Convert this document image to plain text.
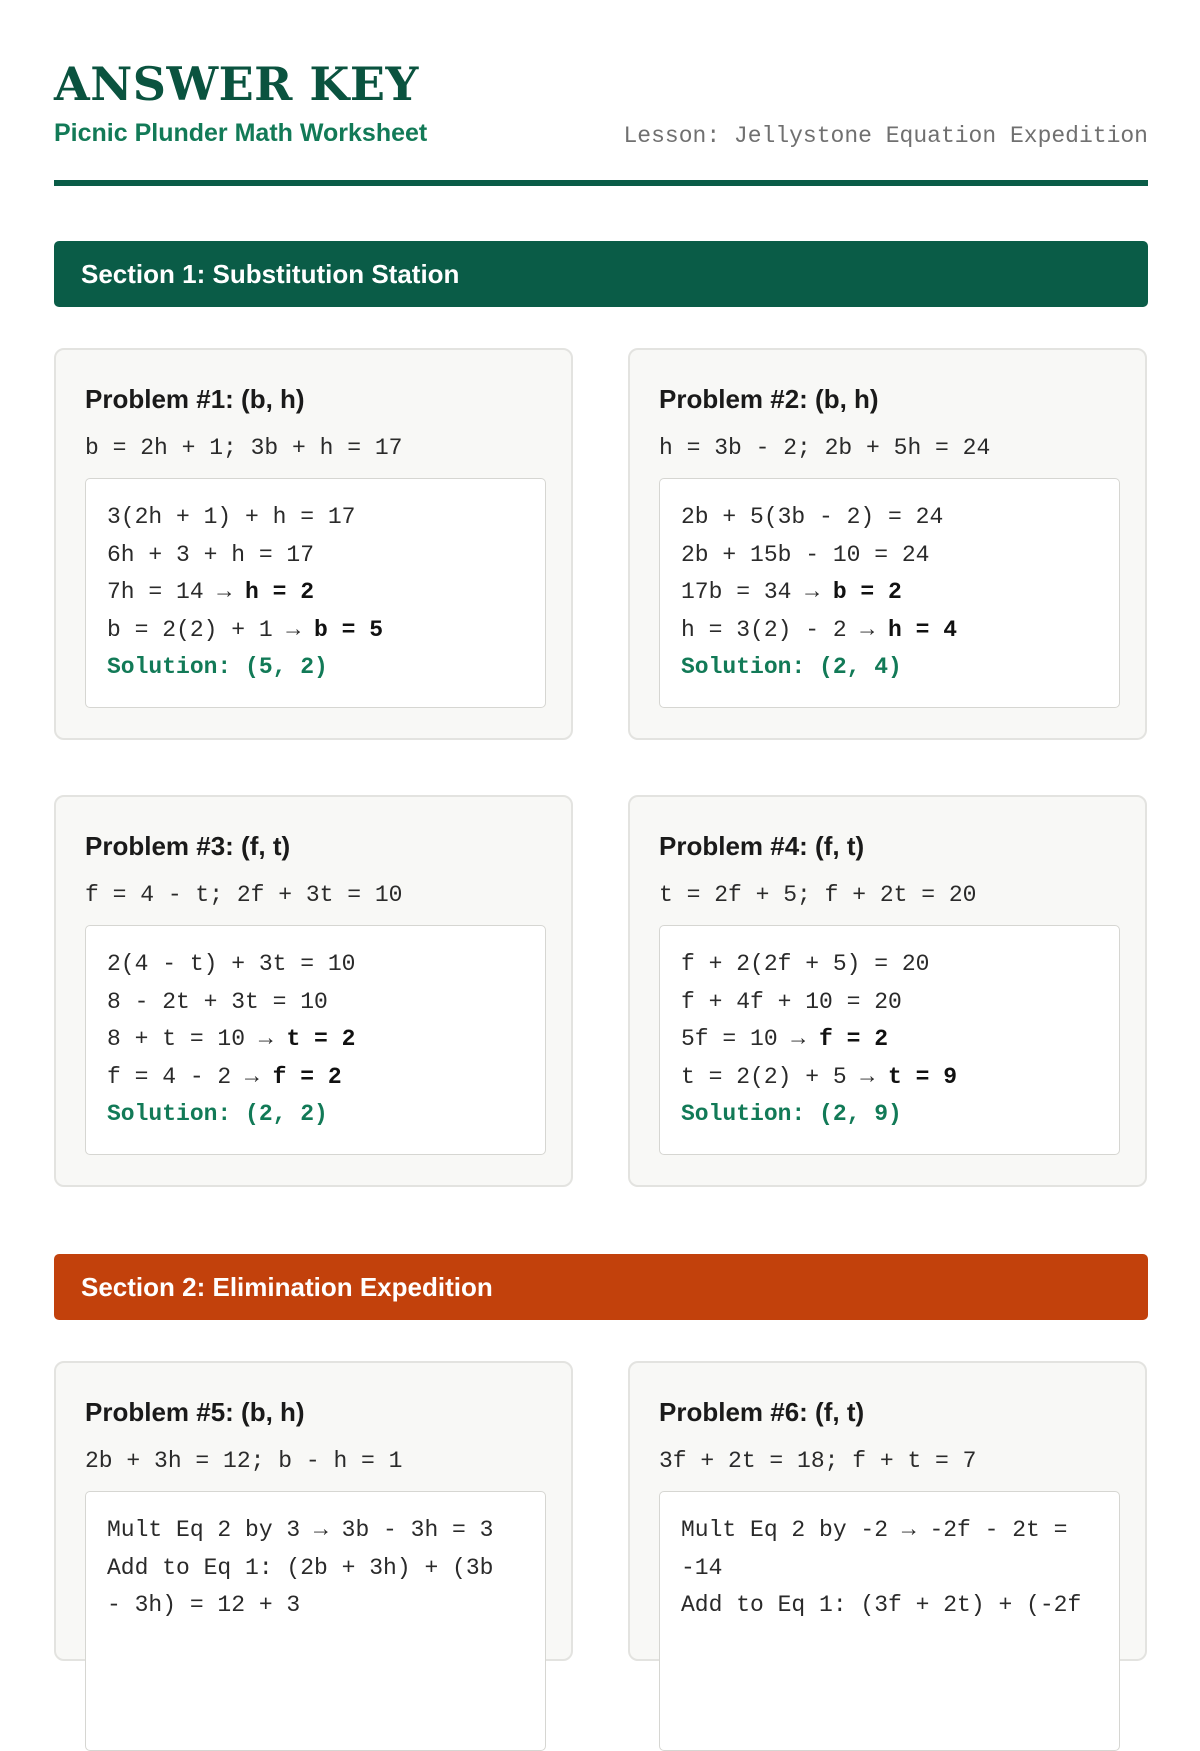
ANSWER KEY
Picnic Plunder Math Worksheet	Lesson: Jellystone Equation Expedition
Section 1: Substitution Station
Problem #1: (b, h)
b = 2h + 1; 3b + h = 17
3(2h + 1) + h = 17
6h + 3 + h = 17
7h = 14 → h = 2
b = 2(2) + 1 → b = 5
Solution: (5, 2)
Problem #2: (b, h)
h = 3b - 2; 2b + 5h = 24
2b + 5(3b - 2) = 24
2b + 15b - 10 = 24
17b = 34 → b = 2
h = 3(2) - 2 → h = 4
Solution: (2, 4)
Problem #3: (f, t)
f = 4 - t; 2f + 3t = 10
2(4 - t) + 3t = 10
8 - 2t + 3t = 10
8 + t = 10 → t = 2
f = 4 - 2 → f = 2
Solution: (2, 2)
Problem #4: (f, t)
t = 2f + 5; f + 2t = 20
f + 2(2f + 5) = 20
f + 4f + 10 = 20
5f = 10 → f = 2
t = 2(2) + 5 → t = 9
Solution: (2, 9)
Section 2: Elimination Expedition
Problem #5: (b, h)
2b + 3h = 12; b - h = 1
Mult Eq 2 by 3 → 3b - 3h = 3
Add to Eq 1: (2b + 3h) + (3b
- 3h) = 12 + 3
Problem #6: (f, t)
3f + 2t = 18; f + t = 7
Mult Eq 2 by -2 → -2f - 2t =
-14
Add to Eq 1: (3f + 2t) + (-2f
